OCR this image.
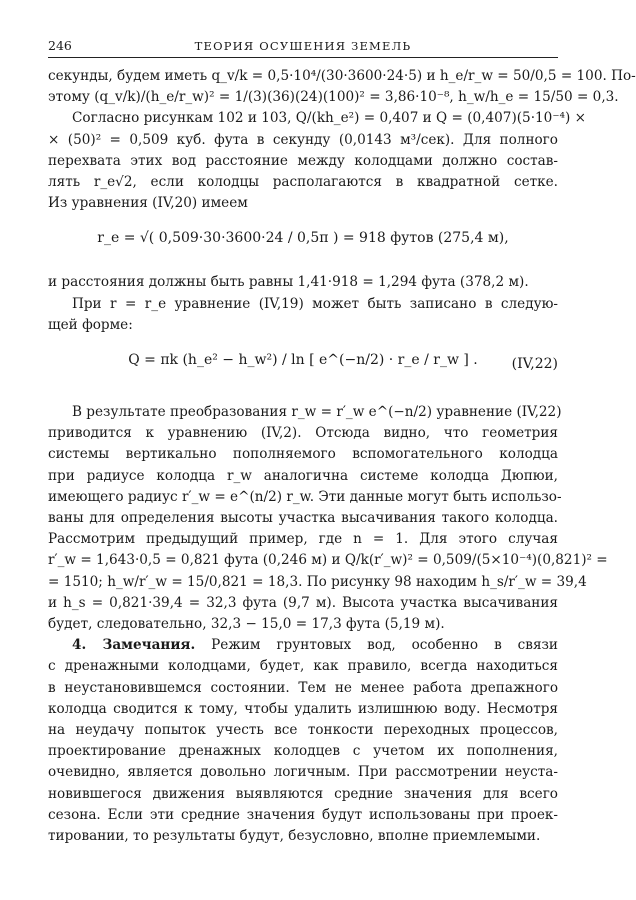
246	ТЕОРИЯ ОСУШЕНИЯ ЗЕМЕЛЬ

секунды, будем иметь q_v/k = 0,5·10⁴/(30·3600·24·5) и h_e/r_w = 50/0,5 = 100. По-

этому (q_v/k)/(h_e/r_w)² = 1/(3)(36)(24)(100)² = 3,86·10⁻⁸, h_w/h_e = 15/50 = 0,3.

Согласно рисункам 102 и 103, Q/(kh_e²) = 0,407 и Q = (0,407)(5·10⁻⁴) ×

× (50)² = 0,509 куб. фута в секунду (0,0143 м³/сек). Для полного

перехвата этих вод расстояние между колодцами должно состав-

лять r_e√2, если колодцы располагаются в квадратной сетке.

Из уравнения (IV,20) имеем

r_e = √( 0,509·30·3600·24 / 0,5π ) = 918 футов (275,4 м),

и расстояния должны быть равны 1,41·918 = 1,294 фута (378,2 м).

При r = r_e уравнение (IV,19) может быть записано в следую-

щей форме:

Q = πk (h_e² − h_w²) / ln [ e^(−n/2) · r_e / r_w ] .	(IV,22)

В результате преобразования r_w = r′_w e^(−n/2) уравнение (IV,22)

приводится к уравнению (IV,2). Отсюда видно, что геометрия

системы вертикально пополняемого вспомогательного колодца

при радиусе колодца r_w аналогична системе колодца Дюпюи,

имеющего радиус r′_w = e^(n/2) r_w. Эти данные могут быть использо-

ваны для определения высоты участка высачивания такого колодца.

Рассмотрим предыдущий пример, где n = 1. Для этого случая

r′_w = 1,643·0,5 = 0,821 фута (0,246 м) и Q/k(r′_w)² = 0,509/(5×10⁻⁴)(0,821)² =

= 1510; h_w/r′_w = 15/0,821 = 18,3. По рисунку 98 находим h_s/r′_w = 39,4

и h_s = 0,821·39,4 = 32,3 фута (9,7 м). Высота участка высачивания

будет, следовательно, 32,3 − 15,0 = 17,3 фута (5,19 м).

4. Замечания. Режим грунтовых вод, особенно в связи

с дренажными колодцами, будет, как правило, всегда находиться

в неустановившемся состоянии. Тем не менее работа дрепажного

колодца сводится к тому, чтобы удалить излишнюю воду. Несмотря

на неудачу попыток учесть все тонкости переходных процессов,

проектирование дренажных колодцев с учетом их пополнения,

очевидно, является довольно логичным. При рассмотрении неуста-

новившегося движения выявляются средние значения для всего

сезона. Если эти средние значения будут использованы при проек-

тировании, то результаты будут, безусловно, вполне приемлемыми.
